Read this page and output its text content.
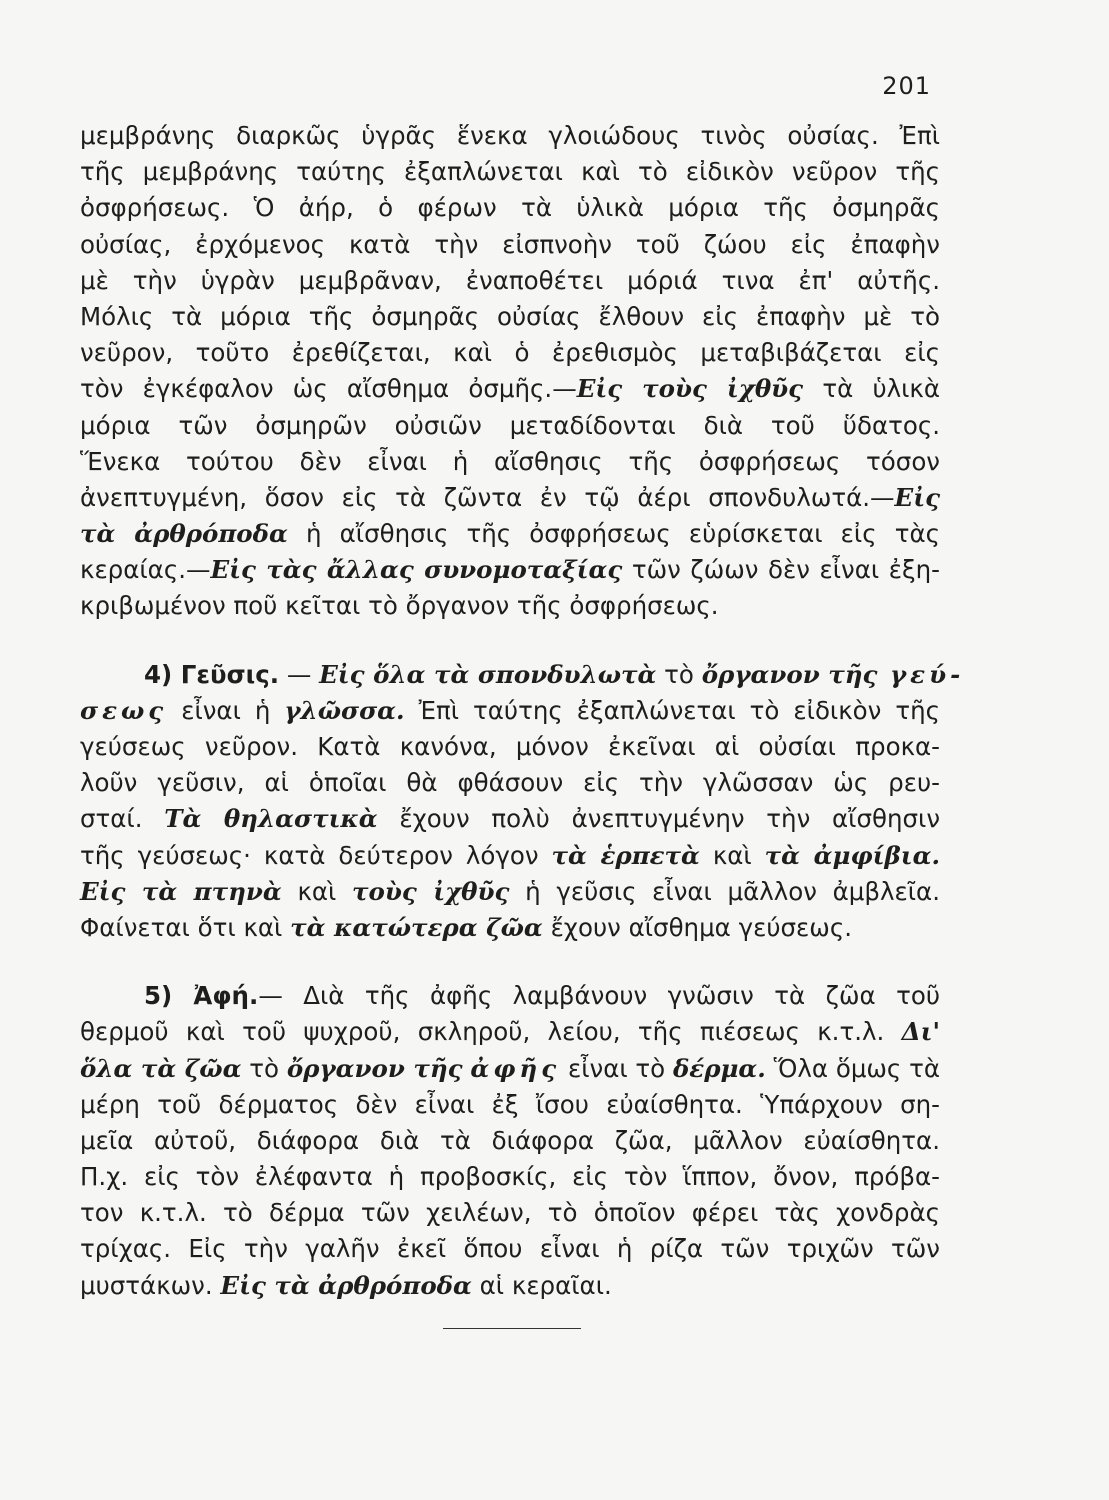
201
μεμβράνης διαρκῶς ὑγρᾶς ἕνεκα γλοιώδους τινὸς οὐσίας. Ἐπὶ
τῆς μεμβράνης ταύτης ἐξαπλώνεται καὶ τὸ εἰδικὸν νεῦρον τῆς
ὀσφρήσεως. Ὁ ἀήρ, ὁ φέρων τὰ ὑλικὰ μόρια τῆς ὀσμηρᾶς
οὐσίας, ἐρχόμενος κατὰ τὴν εἰσπνοὴν τοῦ ζώου εἰς ἐπαφὴν
μὲ τὴν ὑγρὰν μεμβρᾶναν, ἐναποθέτει μόριά τινα ἐπ' αὐτῆς.
Μόλις τὰ μόρια τῆς ὀσμηρᾶς οὐσίας ἔλθουν εἰς ἐπαφὴν μὲ τὸ
νεῦρον, τοῦτο ἐρεθίζεται, καὶ ὁ ἐρεθισμὸς μεταβιβάζεται εἰς
τὸν ἐγκέφαλον ὡς αἴσθημα ὀσμῆς.—Εἰς τοὺς ἰχθῦς τὰ ὑλικὰ
μόρια τῶν ὀσμηρῶν οὐσιῶν μεταδίδονται διὰ τοῦ ὕδατος.
Ἕνεκα τούτου δὲν εἶναι ἡ αἴσθησις τῆς ὀσφρήσεως τόσον
ἀνεπτυγμένη, ὅσον εἰς τὰ ζῶντα ἐν τῷ ἀέρι σπονδυλωτά.—Εἰς
τὰ ἀρθρόποδα ἡ αἴσθησις τῆς ὀσφρήσεως εὑρίσκεται εἰς τὰς
κεραίας.—Εἰς τὰς ἄλλας συνομοταξίας τῶν ζώων δὲν εἶναι ἐξη-
κριβωμένον ποῦ κεῖται τὸ ὄργανον τῆς ὀσφρήσεως.
4) Γεῦσις. — Εἰς ὅλα τὰ σπονδυλωτὰ τὸ ὄργανον τῆς γεύ-
σεως εἶναι ἡ γλῶσσα. Ἐπὶ ταύτης ἐξαπλώνεται τὸ εἰδικὸν τῆς
γεύσεως νεῦρον. Κατὰ κανόνα, μόνον ἐκεῖναι αἱ οὐσίαι προκα-
λοῦν γεῦσιν, αἱ ὁποῖαι θὰ φθάσουν εἰς τὴν γλῶσσαν ὡς ρευ-
σταί. Τὰ θηλαστικὰ ἔχουν πολὺ ἀνεπτυγμένην τὴν αἴσθησιν
τῆς γεύσεως· κατὰ δεύτερον λόγον τὰ ἑρπετὰ καὶ τὰ ἀμφίβια.
Εἰς τὰ πτηνὰ καὶ τοὺς ἰχθῦς ἡ γεῦσις εἶναι μᾶλλον ἀμβλεῖα.
Φαίνεται ὅτι καὶ τὰ κατώτερα ζῶα ἔχουν αἴσθημα γεύσεως.
5) Ἀφή.— Διὰ τῆς ἀφῆς λαμβάνουν γνῶσιν τὰ ζῶα τοῦ
θερμοῦ καὶ τοῦ ψυχροῦ, σκληροῦ, λείου, τῆς πιέσεως κ.τ.λ. Δι'
ὅλα τὰ ζῶα τὸ ὄργανον τῆς ἀφῆς εἶναι τὸ δέρμα. Ὅλα ὅμως τὰ
μέρη τοῦ δέρματος δὲν εἶναι ἐξ ἴσου εὐαίσθητα. Ὑπάρχουν ση-
μεῖα αὐτοῦ, διάφορα διὰ τὰ διάφορα ζῶα, μᾶλλον εὐαίσθητα.
Π.χ. εἰς τὸν ἐλέφαντα ἡ προβοσκίς, εἰς τὸν ἵππον, ὄνον, πρόβα-
τον κ.τ.λ. τὸ δέρμα τῶν χειλέων, τὸ ὁποῖον φέρει τὰς χονδρὰς
τρίχας. Εἰς τὴν γαλῆν ἐκεῖ ὅπου εἶναι ἡ ρίζα τῶν τριχῶν τῶν
μυστάκων. Εἰς τὰ ἀρθρόποδα αἱ κεραῖαι.
